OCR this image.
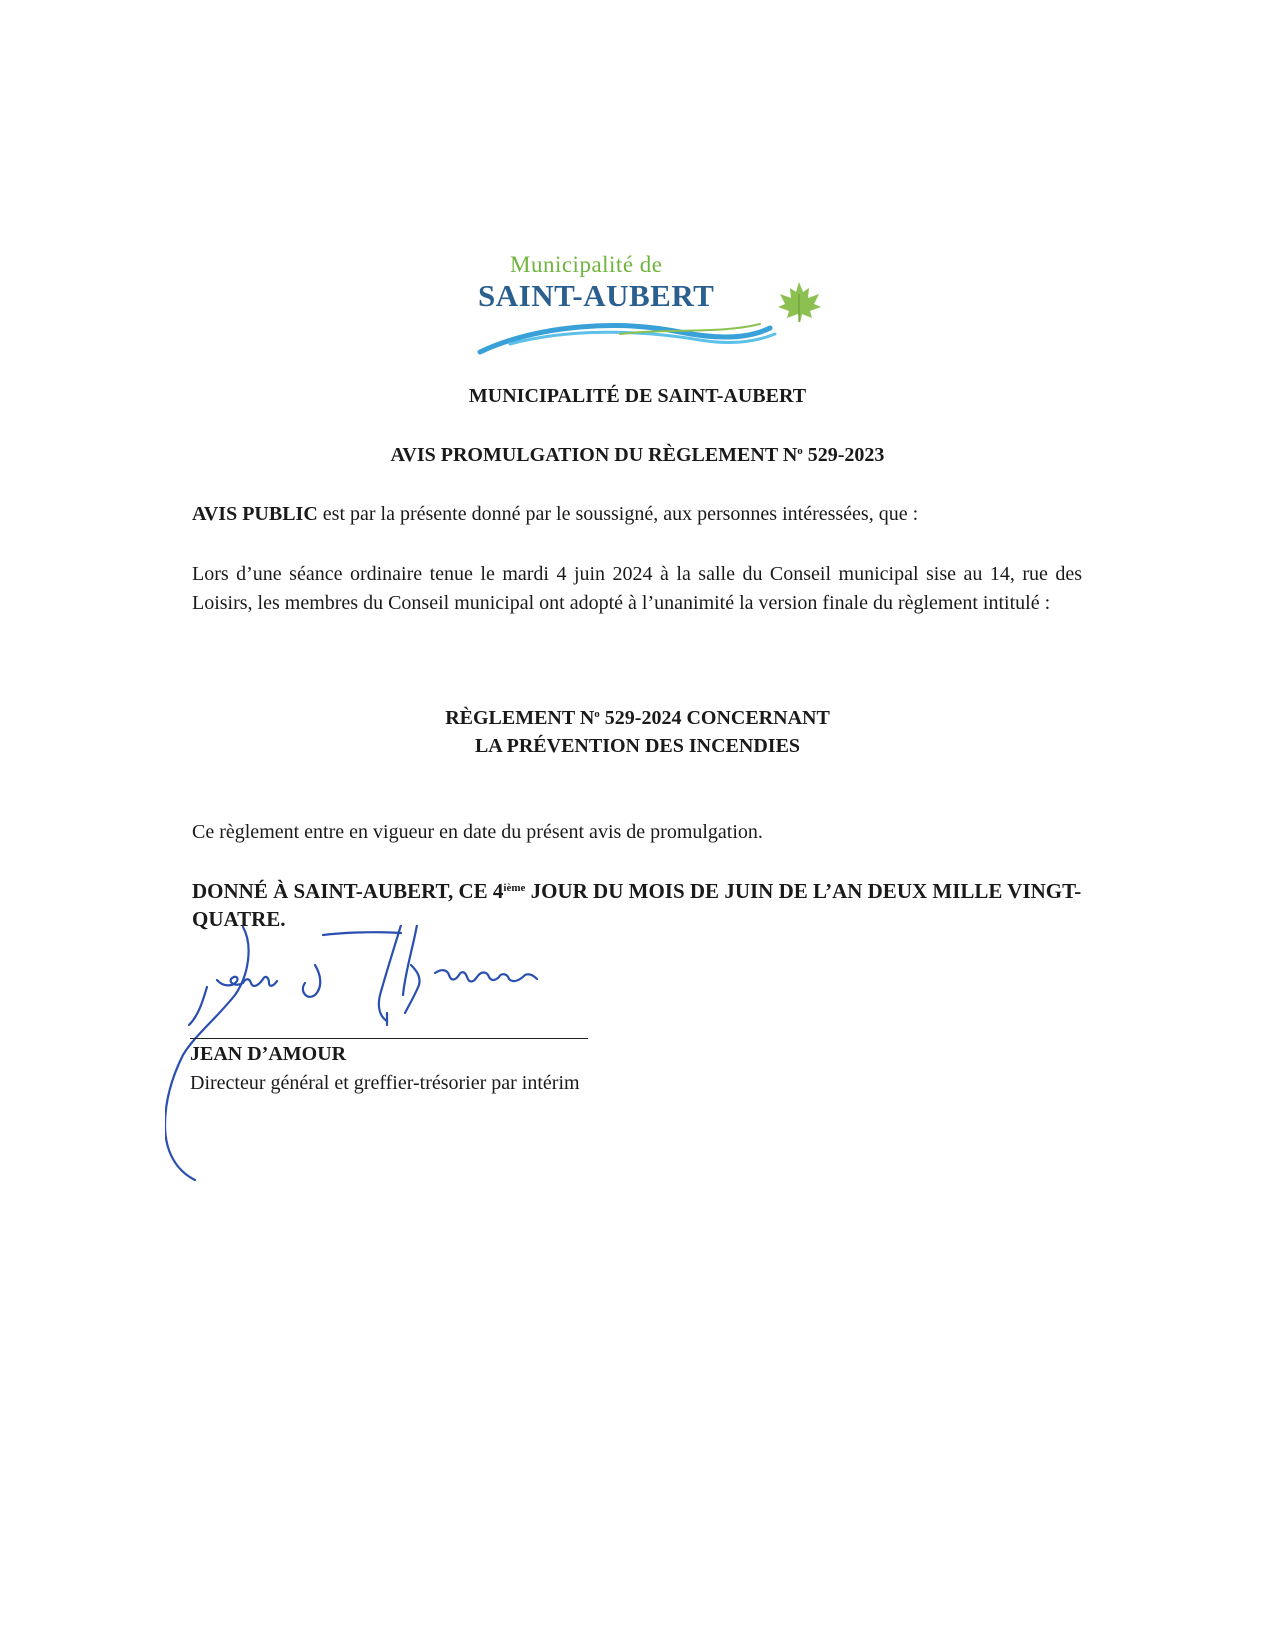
Municipalité de
SAINT-AUBERT
MUNICIPALITÉ DE SAINT-AUBERT
AVIS PROMULGATION DU RÈGLEMENT $N^o$ 529-2023
AVIS PUBLIC est par la présente donné par le soussigné, aux personnes intéressées, que :
Lors d’une séance ordinaire tenue le mardi 4 juin 2024 à la salle du Conseil municipal sise au 14, rue des Loisirs, les membres du Conseil municipal ont adopté à l’unanimité la version finale du règlement intitulé :
RÈGLEMENT $N^o$ 529-2024 CONCERNANT
LA PRÉVENTION DES INCENDIES
Ce règlement entre en vigueur en date du présent avis de promulgation.
DONNÉ À SAINT-AUBERT, CE 4ième JOUR DU MOIS DE JUIN DE L’AN DEUX MILLE VINGT-QUATRE.
JEAN D’AMOUR
Directeur général et greffier-trésorier par intérim
